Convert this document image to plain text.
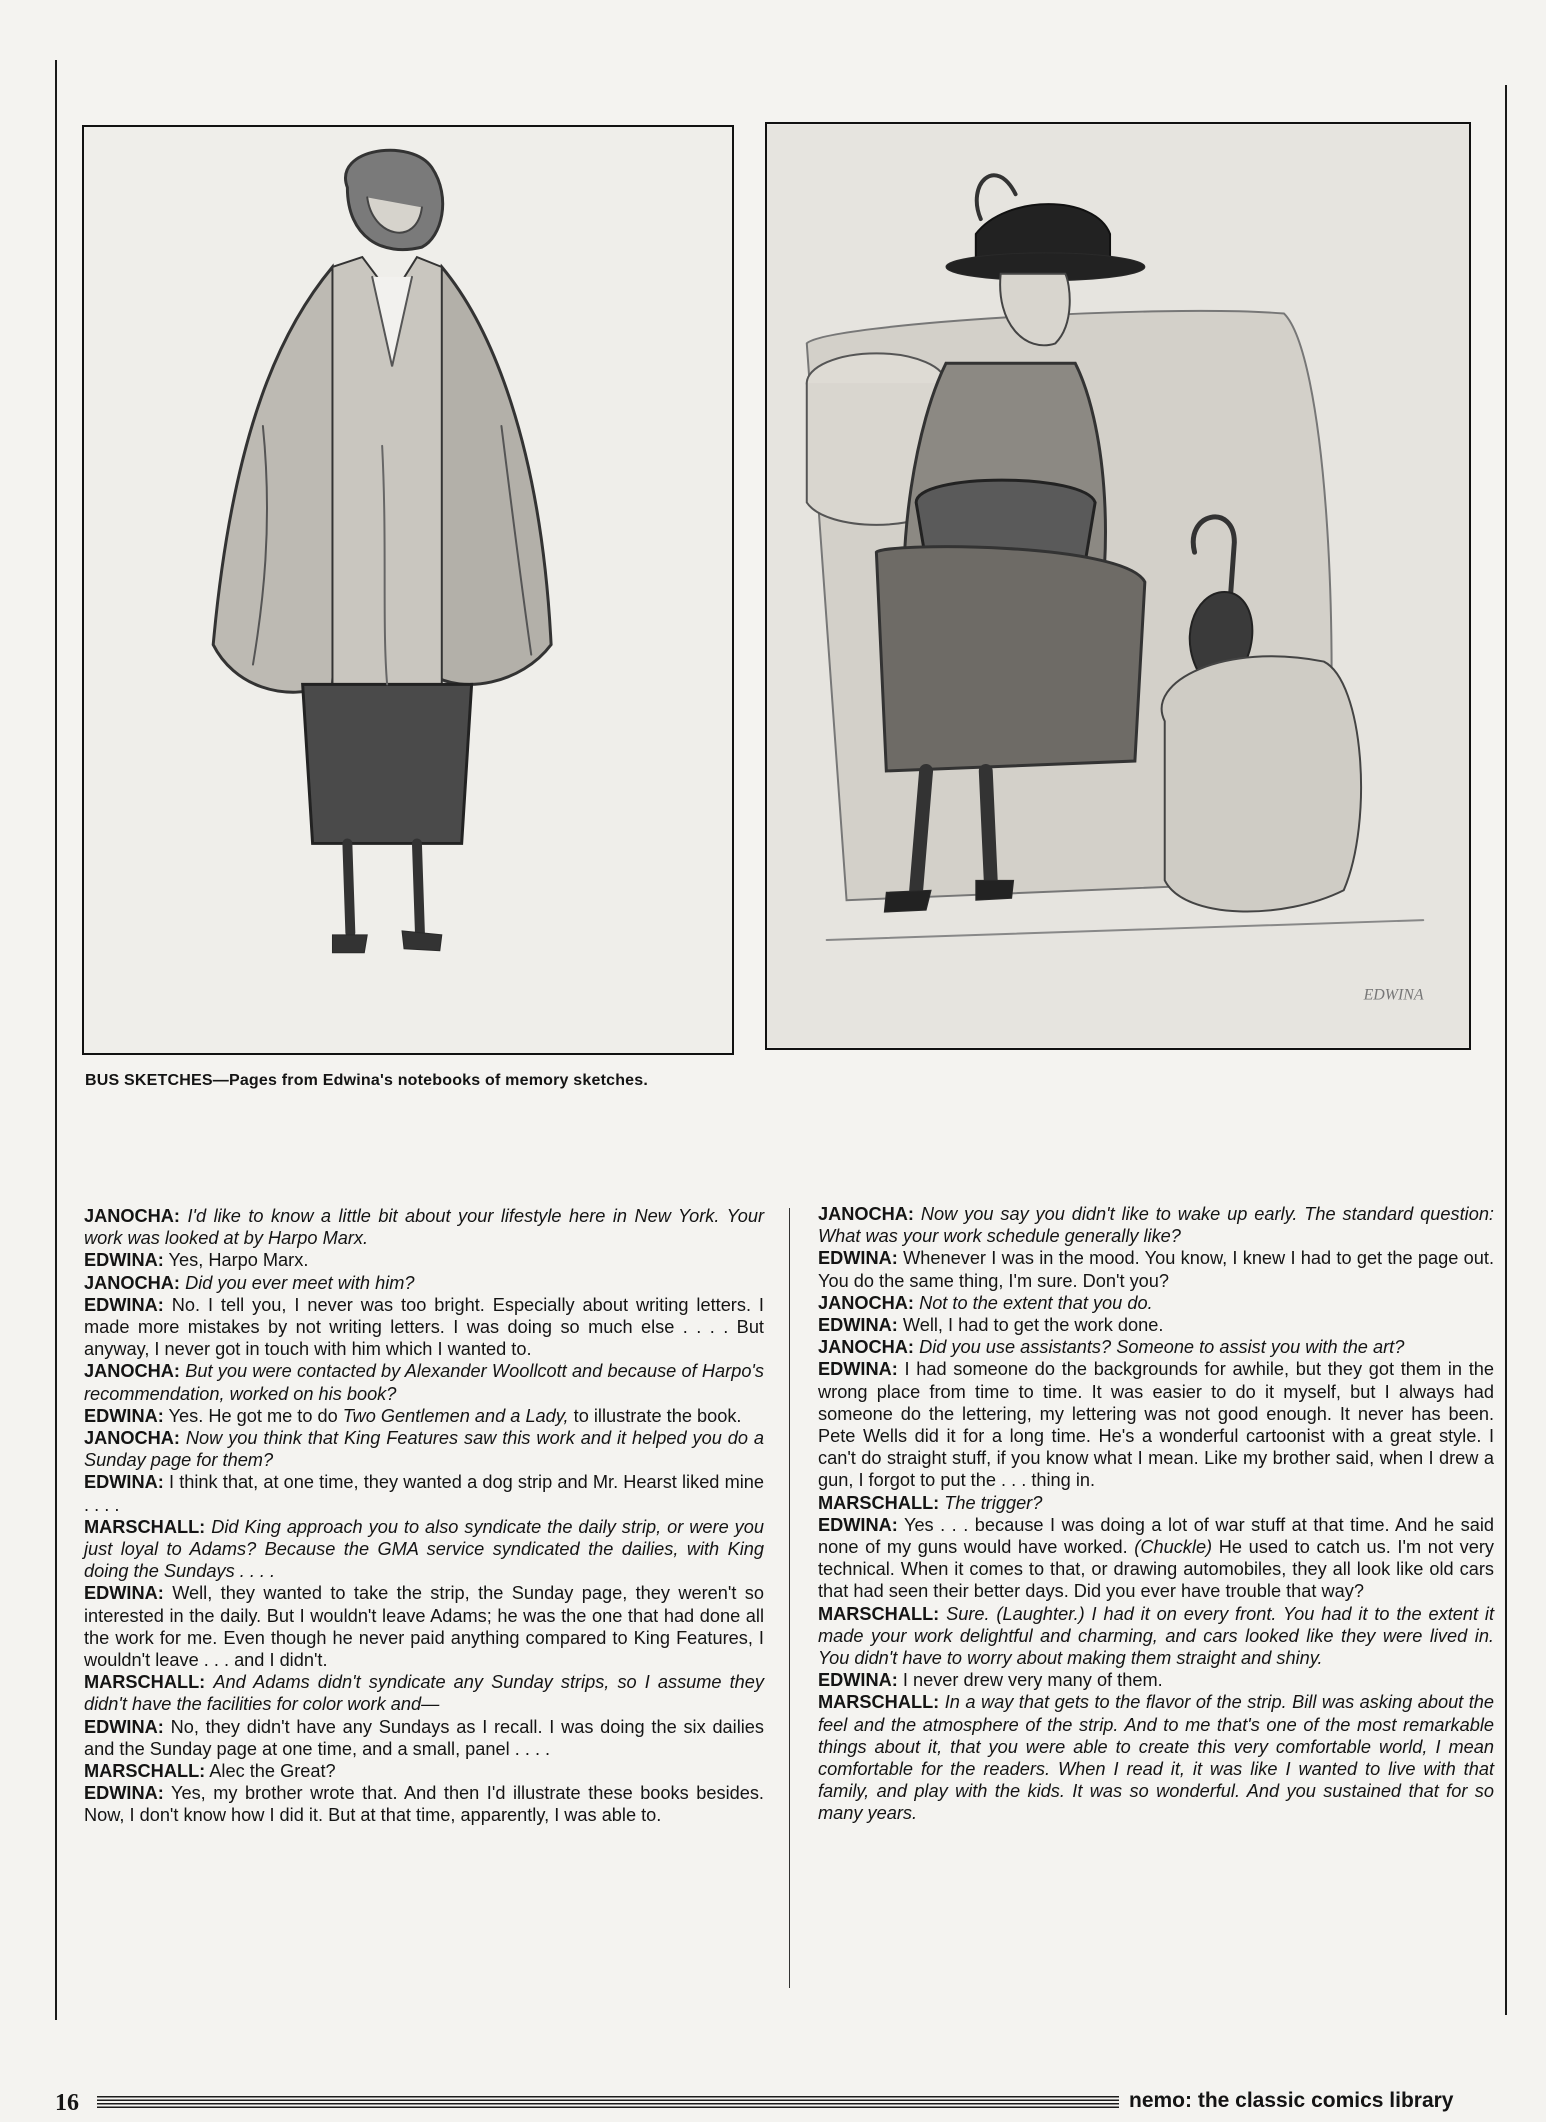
EDWINA
BUS SKETCHES—Pages from Edwina's notebooks of memory sketches.

JANOCHA: I'd like to know a little bit about your lifestyle here in New York. Your work was looked at by Harpo Marx.

EDWINA: Yes, Harpo Marx.

JANOCHA: Did you ever meet with him?

EDWINA: No. I tell you, I never was too bright. Especially about writing letters. I made more mistakes by not writing letters. I was doing so much else . . . . But anyway, I never got in touch with him which I wanted to.

JANOCHA: But you were contacted by Alexander Woollcott and because of Harpo's recommendation, worked on his book?

EDWINA: Yes. He got me to do Two Gentlemen and a Lady, to illustrate the book.

JANOCHA: Now you think that King Features saw this work and it helped you do a Sunday page for them?

EDWINA: I think that, at one time, they wanted a dog strip and Mr. Hearst liked mine . . . .

MARSCHALL: Did King approach you to also syndicate the daily strip, or were you just loyal to Adams? Because the GMA service syndicated the dailies, with King doing the Sundays . . . .

EDWINA: Well, they wanted to take the strip, the Sunday page, they weren't so interested in the daily. But I wouldn't leave Adams; he was the one that had done all the work for me. Even though he never paid anything compared to King Features, I wouldn't leave . . . and I didn't.

MARSCHALL: And Adams didn't syndicate any Sunday strips, so I assume they didn't have the facilities for color work and—

EDWINA: No, they didn't have any Sundays as I recall. I was doing the six dailies and the Sunday page at one time, and a small, panel . . . .

MARSCHALL: Alec the Great?

EDWINA: Yes, my brother wrote that. And then I'd illustrate these books besides. Now, I don't know how I did it. But at that time, apparently, I was able to.

JANOCHA: Now you say you didn't like to wake up early. The standard question: What was your work schedule generally like?

EDWINA: Whenever I was in the mood. You know, I knew I had to get the page out. You do the same thing, I'm sure. Don't you?

JANOCHA: Not to the extent that you do.

EDWINA: Well, I had to get the work done.

JANOCHA: Did you use assistants? Someone to assist you with the art?

EDWINA: I had someone do the backgrounds for awhile, but they got them in the wrong place from time to time. It was easier to do it myself, but I always had someone do the lettering, my lettering was not good enough. It never has been. Pete Wells did it for a long time. He's a wonderful cartoonist with a great style. I can't do straight stuff, if you know what I mean. Like my brother said, when I drew a gun, I forgot to put the . . . thing in.

MARSCHALL: The trigger?

EDWINA: Yes . . . because I was doing a lot of war stuff at that time. And he said none of my guns would have worked. (Chuckle) He used to catch us. I'm not very technical. When it comes to that, or drawing automobiles, they all look like old cars that had seen their better days. Did you ever have trouble that way?

MARSCHALL: Sure. (Laughter.) I had it on every front. You had it to the extent it made your work delightful and charming, and cars looked like they were lived in. You didn't have to worry about making them straight and shiny.

EDWINA: I never drew very many of them.

MARSCHALL: In a way that gets to the flavor of the strip. Bill was asking about the feel and the atmosphere of the strip. And to me that's one of the most remarkable things about it, that you were able to create this very comfortable world, I mean comfortable for the readers. When I read it, it was like I wanted to live with that family, and play with the kids. It was so wonderful. And you sustained that for so many years.

16	nemo: the classic comics library
